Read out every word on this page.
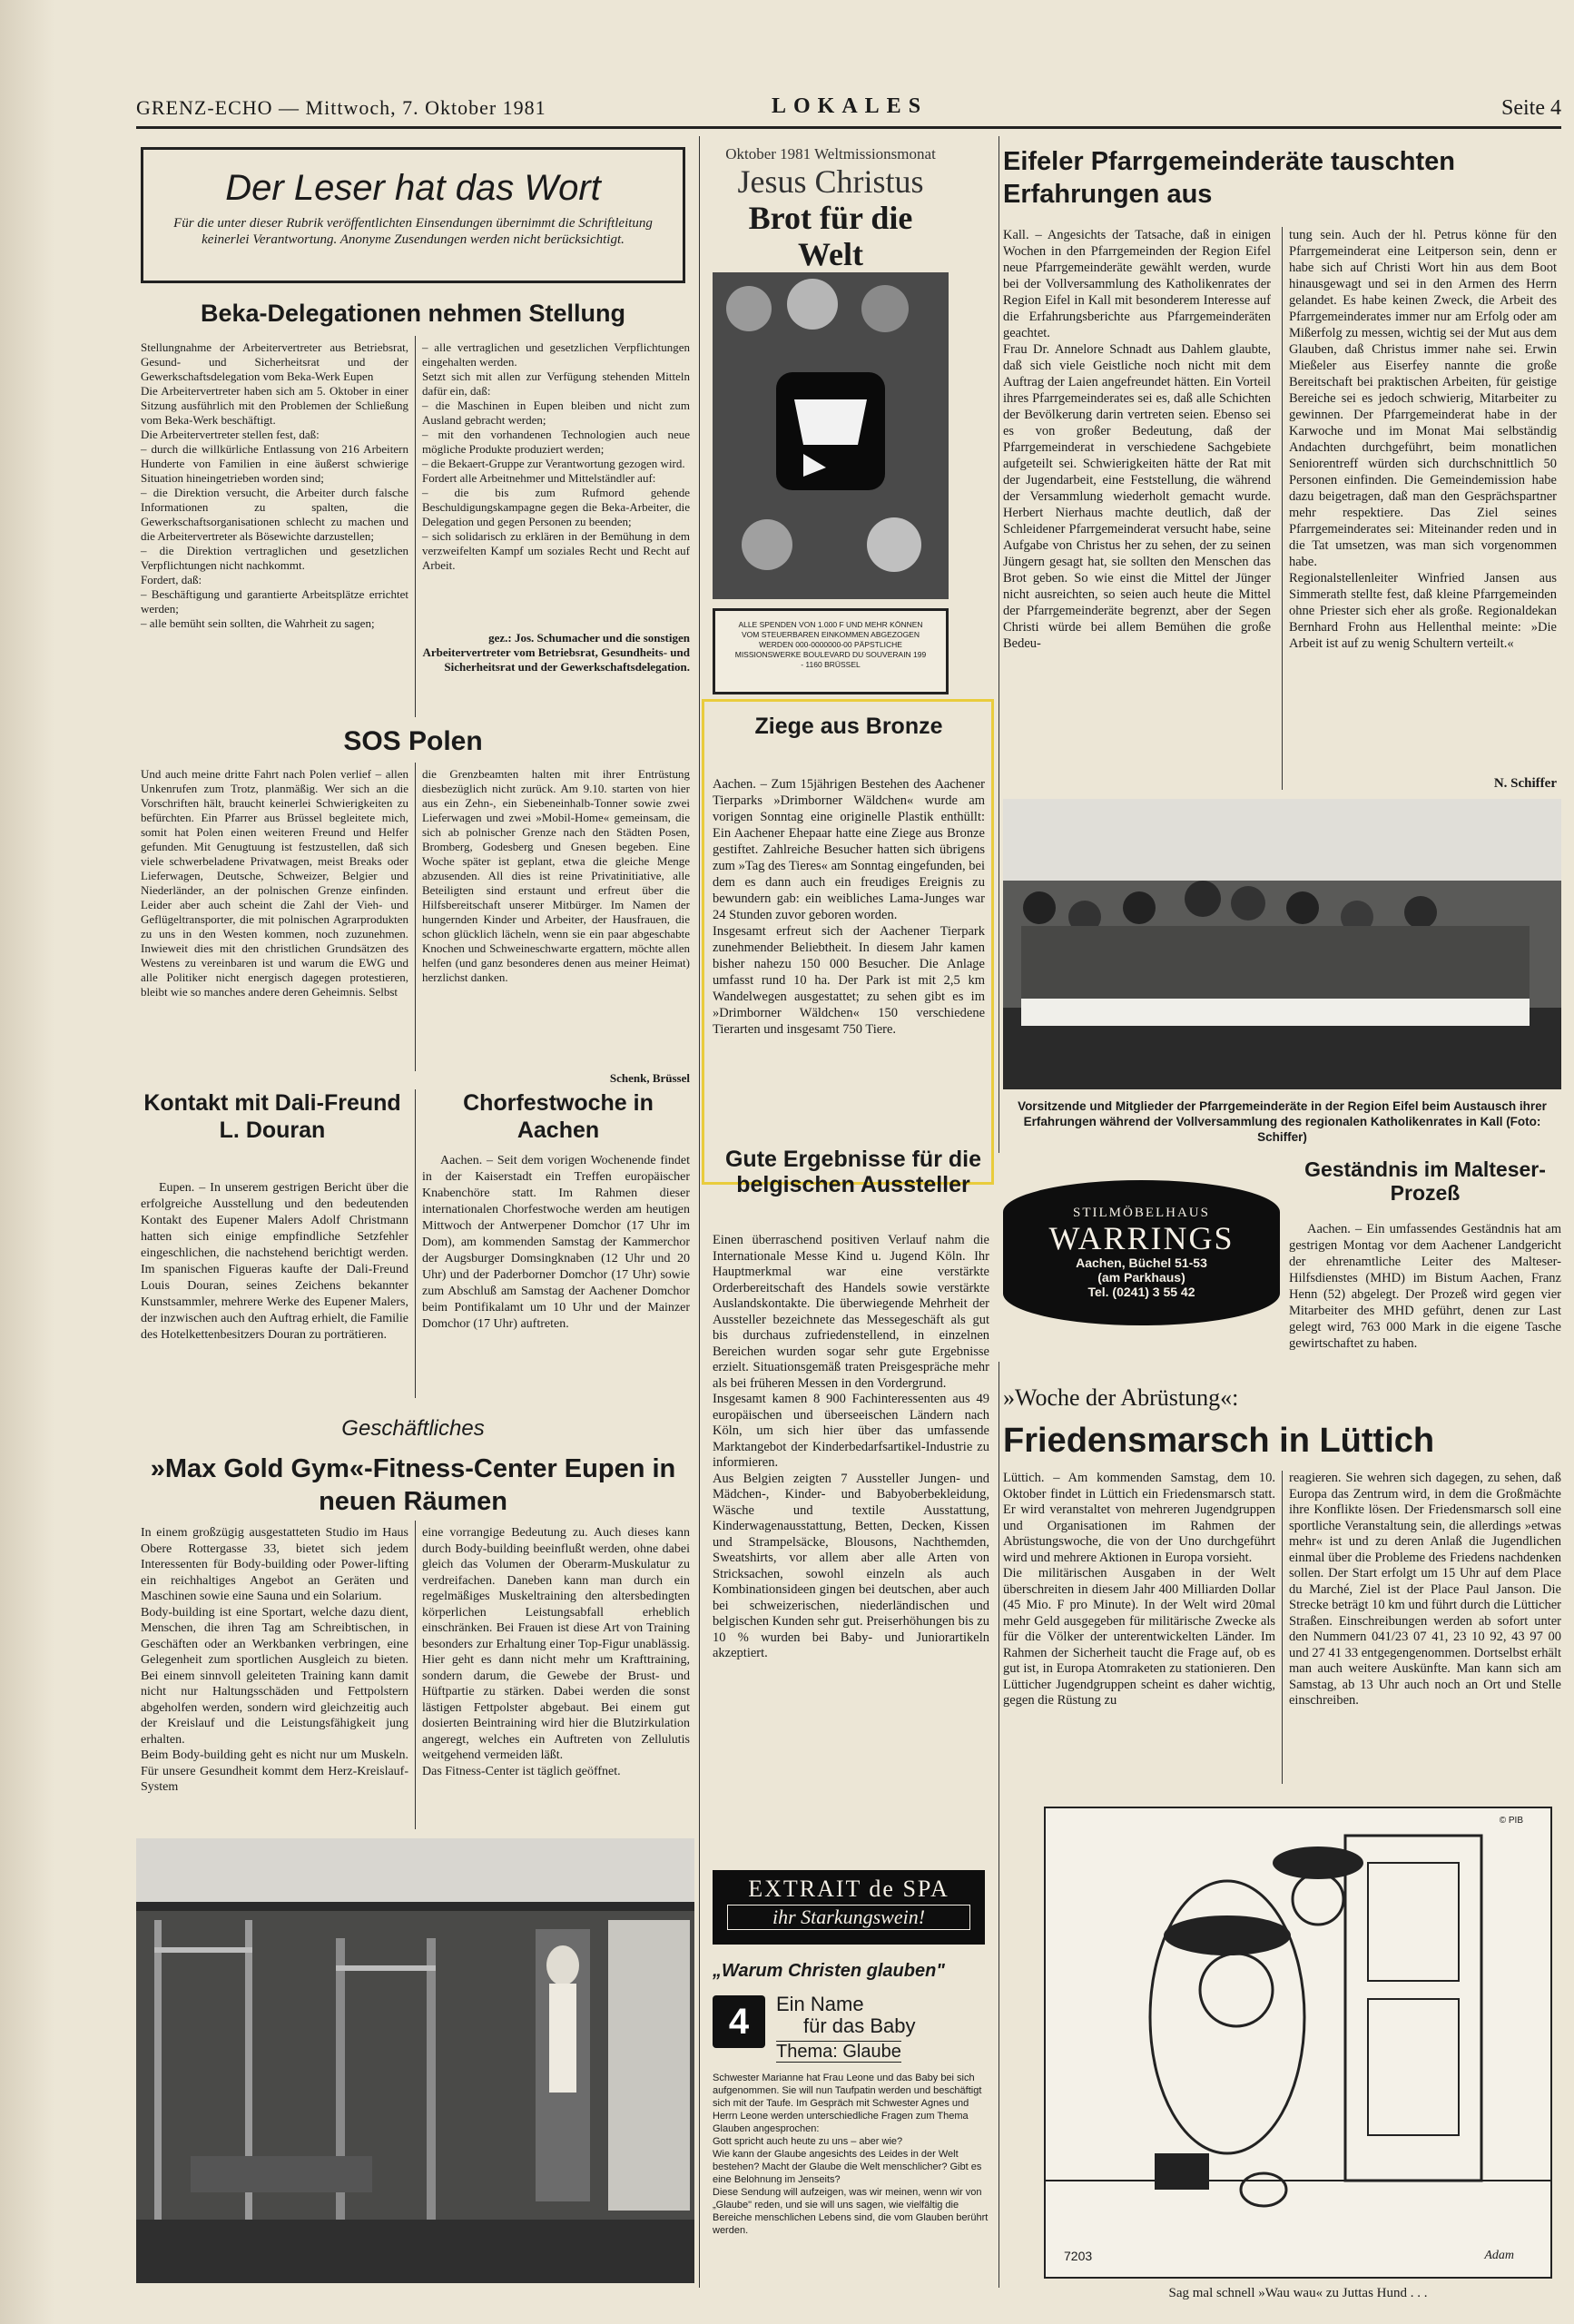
GRENZ-ECHO — Mittwoch, 7. Oktober 1981	LOKALES	Seite 4
Der Leser hat das Wort
Für die unter dieser Rubrik veröffentlichten Einsendungen übernimmt die Schriftleitung keinerlei Verantwortung. Anonyme Zusendungen werden nicht berücksichtigt.
Beka-Delegationen nehmen Stellung
Stellungnahme der Arbeitervertreter aus Betriebsrat, Gesund- und Sicherheitsrat und der Gewerkschaftsdelegation vom Beka-Werk Eupen
Die Arbeitervertreter haben sich am 5. Oktober in einer Sitzung ausführlich mit den Problemen der Schließung vom Beka-Werk beschäftigt.
Die Arbeitervertreter stellen fest, daß:
– durch die willkürliche Entlassung von 216 Arbeitern Hunderte von Familien in eine äußerst schwierige Situation hineingetrieben worden sind;
– die Direktion versucht, die Arbeiter durch falsche Informationen zu spalten, die Gewerkschaftsorganisationen schlecht zu machen und die Arbeitervertreter als Bösewichte darzustellen;
– die Direktion vertraglichen und gesetzlichen Verpflichtungen nicht nachkommt.
Fordert, daß:
– Beschäftigung und garantierte Arbeitsplätze errichtet werden;
– alle bemüht sein sollten, die Wahrheit zu sagen;
– alle vertraglichen und gesetzlichen Verpflichtungen eingehalten werden.
Setzt sich mit allen zur Verfügung stehenden Mitteln dafür ein, daß:
– die Maschinen in Eupen bleiben und nicht zum Ausland gebracht werden;
– mit den vorhandenen Technologien auch neue mögliche Produkte produziert werden;
– die Bekaert-Gruppe zur Verantwortung gezogen wird.
Fordert alle Arbeitnehmer und Mittelständler auf:
– die bis zum Rufmord gehende Beschuldigungskampagne gegen die Beka-Arbeiter, die Delegation und gegen Personen zu beenden;
– sich solidarisch zu erklären in der Bemühung in dem verzweifelten Kampf um soziales Recht und Recht auf Arbeit.
gez.: Jos. Schumacher und die sonstigen Arbeitervertreter vom Betriebsrat, Gesundheits- und Sicherheitsrat und der Gewerkschaftsdelegation.
SOS Polen
Und auch meine dritte Fahrt nach Polen verlief – allen Unkenrufen zum Trotz, planmäßig. Wer sich an die Vorschriften hält, braucht keinerlei Schwierigkeiten zu befürchten. Ein Pfarrer aus Brüssel begleitete mich, somit hat Polen einen weiteren Freund und Helfer gefunden. Mit Genugtuung ist festzustellen, daß sich viele schwerbeladene Privatwagen, meist Breaks oder Lieferwagen, Deutsche, Schweizer, Belgier und Niederländer, an der polnischen Grenze einfinden. Leider aber auch scheint die Zahl der Vieh- und Geflügeltransporter, die mit polnischen Agrarprodukten zu uns in den Westen kommen, noch zuzunehmen. Inwieweit dies mit den christlichen Grundsätzen des Westens zu vereinbaren ist und warum die EWG und alle Politiker nicht energisch dagegen protestieren, bleibt wie so manches andere deren Geheimnis. Selbst
die Grenzbeamten halten mit ihrer Entrüstung diesbezüglich nicht zurück. Am 9.10. starten von hier aus ein Zehn-, ein Siebeneinhalb-Tonner sowie zwei Lieferwagen und zwei »Mobil-Home« gemeinsam, die sich ab polnischer Grenze nach den Städten Posen, Bromberg, Godesberg und Gnesen begeben. Eine Woche später ist geplant, etwa die gleiche Menge abzusenden. All dies ist reine Privatinitiative, alle Beteiligten sind erstaunt und erfreut über die Hilfsbereitschaft unserer Mitbürger. Im Namen der hungernden Kinder und Arbeiter, der Hausfrauen, die schon glücklich lächeln, wenn sie ein paar abgeschabte Knochen und Schweineschwarte ergattern, möchte allen helfen (und ganz besonderes denen aus meiner Heimat) herzlichst danken.
Schenk, Brüssel
Kontakt mit Dali-Freund L. Douran
Eupen. – In unserem gestrigen Bericht über die erfolgreiche Ausstellung und den bedeutenden Kontakt des Eupener Malers Adolf Christmann hatten sich einige empfindliche Setzfehler eingeschlichen, die nachstehend berichtigt werden. Im spanischen Figueras kaufte der Dali-Freund Louis Douran, seines Zeichens bekannter Kunstsammler, mehrere Werke des Eupener Malers, der inzwischen auch den Auftrag erhielt, die Familie des Hotelkettenbesitzers Douran zu porträtieren.
Chorfestwoche in Aachen
Aachen. – Seit dem vorigen Wochenende findet in der Kaiserstadt ein Treffen europäischer Knabenchöre statt. Im Rahmen dieser internationalen Chorfestwoche werden am heutigen Mittwoch der Antwerpener Domchor (17 Uhr im Dom), am kommenden Samstag der Kammerchor der Augsburger Domsingknaben (12 Uhr und 20 Uhr) und der Paderborner Domchor (17 Uhr) sowie zum Abschluß am Samstag der Aachener Domchor beim Pontifikalamt um 10 Uhr und der Mainzer Domchor (17 Uhr) auftreten.
Geschäftliches
»Max Gold Gym«-Fitness-Center Eupen in neuen Räumen
In einem großzügig ausgestatteten Studio im Haus Obere Rottergasse 33, bietet sich jedem Interessenten für Body-building oder Power-lifting ein reichhaltiges Angebot an Geräten und Maschinen sowie eine Sauna und ein Solarium.
Body-building ist eine Sportart, welche dazu dient, Menschen, die ihren Tag am Schreibtischen, in Geschäften oder an Werkbanken verbringen, eine Gelegenheit zum sportlichen Ausgleich zu bieten. Bei einem sinnvoll geleiteten Training kann damit nicht nur Haltungsschäden und Fettpolstern abgeholfen werden, sondern wird gleichzeitig auch der Kreislauf und die Leistungsfähigkeit jung erhalten.
Beim Body-building geht es nicht nur um Muskeln. Für unsere Gesundheit kommt dem Herz-Kreislauf-System
eine vorrangige Bedeutung zu. Auch dieses kann durch Body-building beeinflußt werden, ohne dabei gleich das Volumen der Oberarm-Muskulatur zu verdreifachen. Daneben kann man durch ein regelmäßiges Muskeltraining den altersbedingten körperlichen Leistungsabfall erheblich einschränken. Bei Frauen ist diese Art von Training besonders zur Erhaltung einer Top-Figur unablässig. Hier geht es dann nicht mehr um Krafttraining, sondern darum, die Gewebe der Brust- und Hüftpartie zu stärken. Dabei werden die sonst lästigen Fettpolster abgebaut. Bei einem gut dosierten Beintraining wird hier die Blutzirkulation angeregt, welches ein Auftreten von Zellulutis weitgehend vermeiden läßt.
Das Fitness-Center ist täglich geöffnet.
Oktober 1981 Weltmissionsmonat
Jesus Christus
Brot für die Welt
ALLE SPENDEN VON 1.000 F UND MEHR KÖNNEN VOM STEUERBAREN EINKOMMEN ABGEZOGEN WERDEN 000-0000000-00 PÄPSTLICHE MISSIONSWERKE BOULEVARD DU SOUVERAIN 199 - 1160 BRÜSSEL
Ziege aus Bronze
Aachen. – Zum 15jährigen Bestehen des Aachener Tierparks »Drimborner Wäldchen« wurde am vorigen Sonntag eine originelle Plastik enthüllt: Ein Aachener Ehepaar hatte eine Ziege aus Bronze gestiftet. Zahlreiche Besucher hatten sich übrigens zum »Tag des Tieres« am Sonntag eingefunden, bei dem es dann auch ein freudiges Ereignis zu bewundern gab: ein weibliches Lama-Junges war 24 Stunden zuvor geboren worden.
Insgesamt erfreut sich der Aachener Tierpark zunehmender Beliebtheit. In diesem Jahr kamen bisher nahezu 150 000 Besucher. Die Anlage umfasst rund 10 ha. Der Park ist mit 2,5 km Wandelwegen ausgestattet; zu sehen gibt es im »Drimborner Wäldchen« 150 verschiedene Tierarten und insgesamt 750 Tiere.
Gute Ergebnisse für die belgischen Aussteller
Einen überraschend positiven Verlauf nahm die Internationale Messe Kind u. Jugend Köln. Ihr Hauptmerkmal war eine verstärkte Orderbereitschaft des Handels sowie verstärkte Auslandskontakte. Die überwiegende Mehrheit der Aussteller bezeichnete das Messegeschäft als gut bis durchaus zufriedenstellend, in einzelnen Bereichen wurden sogar sehr gute Ergebnisse erzielt. Situationsgemäß traten Preisgespräche mehr als bei früheren Messen in den Vordergrund.
Insgesamt kamen 8 900 Fachinteressenten aus 49 europäischen und überseeischen Ländern nach Köln, um sich hier über das umfassende Marktangebot der Kinderbedarfsartikel-Industrie zu informieren.
Aus Belgien zeigten 7 Aussteller Jungen- und Mädchen-, Kinder- und Babyoberbekleidung, Wäsche und textile Ausstattung, Kinderwagenausstattung, Betten, Decken, Kissen und Strampelsäcke, Blousons, Nachthemden, Sweatshirts, vor allem aber alle Arten von Stricksachen, sowohl einzeln als auch Kombinationsideen gingen bei deutschen, aber auch bei schweizerischen, niederländischen und belgischen Kunden sehr gut. Preiserhöhungen bis zu 10 % wurden bei Baby- und Juniorartikeln akzeptiert.
EXTRAIT de SPA
ihr Starkungswein!
„Warum Christen glauben"
4	Ein Name
für das Baby
Thema: Glaube
Schwester Marianne hat Frau Leone und das Baby bei sich aufgenommen. Sie will nun Taufpatin werden und beschäftigt sich mit der Taufe. Im Gespräch mit Schwester Agnes und Herrn Leone werden unterschiedliche Fragen zum Thema Glauben angesprochen:
Gott spricht auch heute zu uns – aber wie?
Wie kann der Glaube angesichts des Leides in der Welt bestehen? Macht der Glaube die Welt menschlicher? Gibt es eine Belohnung im Jenseits?
Diese Sendung will aufzeigen, was wir meinen, wenn wir von „Glaube" reden, und sie will uns sagen, wie vielfältig die Bereiche menschlichen Lebens sind, die vom Glauben berührt werden.
Eifeler Pfarrgemeinderäte tauschten Erfahrungen aus
Kall. – Angesichts der Tatsache, daß in einigen Wochen in den Pfarrgemeinden der Region Eifel neue Pfarrgemeinderäte gewählt werden, wurde bei der Vollversammlung des Katholikenrates der Region Eifel in Kall mit besonderem Interesse auf die Erfahrungsberichte aus Pfarrgemeinderäten geachtet.
Frau Dr. Annelore Schnadt aus Dahlem glaubte, daß sich viele Geistliche noch nicht mit dem Auftrag der Laien angefreundet hätten. Ein Vorteil ihres Pfarrgemeinderates sei es, daß alle Schichten der Bevölkerung darin vertreten seien. Ebenso sei es von großer Bedeutung, daß der Pfarrgemeinderat in verschiedene Sachgebiete aufgeteilt sei. Schwierigkeiten hätte der Rat mit der Jugendarbeit, eine Feststellung, die während der Versammlung wiederholt gemacht wurde. Herbert Nierhaus machte deutlich, daß der Schleidener Pfarrgemeinderat versucht habe, seine Aufgabe von Christus her zu sehen, der zu seinen Jüngern gesagt hat, sie sollten den Menschen das Brot geben. So wie einst die Mittel der Jünger nicht ausreichten, so seien auch heute die Mittel der Pfarrgemeinderäte begrenzt, aber der Segen Christi würde bei allem Bemühen die große Bedeu-
tung sein. Auch der hl. Petrus könne für den Pfarrgemeinderat eine Leitperson sein, denn er habe sich auf Christi Wort hin aus dem Boot hinausgewagt und sei in den Armen des Herrn gelandet. Es habe keinen Zweck, die Arbeit des Pfarrgemeinderates immer nur am Erfolg oder am Mißerfolg zu messen, wichtig sei der Mut aus dem Glauben, daß Christus immer nahe sei. Erwin Mießeler aus Eiserfey nannte die große Bereitschaft bei praktischen Arbeiten, für geistige Bereiche sei es jedoch schwierig, Mitarbeiter zu gewinnen. Der Pfarrgemeinderat habe in der Karwoche und im Monat Mai selbständig Andachten durchgeführt, beim monatlichen Seniorentreff würden sich durchschnittlich 50 Personen einfinden. Die Gemeindemission habe dazu beigetragen, daß man den Gesprächspartner mehr respektiere. Das Ziel seines Pfarrgemeinderates sei: Miteinander reden und in die Tat umsetzen, was man sich vorgenommen habe.
Regionalstellenleiter Winfried Jansen aus Simmerath stellte fest, daß kleine Pfarrgemeinden ohne Priester sich eher als große. Regionaldekan Bernhard Frohn aus Hellenthal meinte: »Die Arbeit ist auf zu wenig Schultern verteilt.«
N. Schiffer
Vorsitzende und Mitglieder der Pfarrgemeinderäte in der Region Eifel beim Austausch ihrer Erfahrungen während der Vollversammlung des regionalen Katholikenrates in Kall (Foto: Schiffer)
STILMÖBELHAUS
WARRINGS
Aachen, Büchel 51-53
(am Parkhaus)
Tel. (0241) 3 55 42
Geständnis im Malteser-Prozeß
Aachen. – Ein umfassendes Geständnis hat am gestrigen Montag vor dem Aachener Landgericht der ehrenamtliche Leiter des Malteser-Hilfsdienstes (MHD) im Bistum Aachen, Franz Henn (52) abgelegt. Der Prozeß wird gegen vier Mitarbeiter des MHD geführt, denen zur Last gelegt wird, 763 000 Mark in die eigene Tasche gewirtschaftet zu haben.
»Woche der Abrüstung«:
Friedensmarsch in Lüttich
Lüttich. – Am kommenden Samstag, dem 10. Oktober findet in Lüttich ein Friedensmarsch statt. Er wird veranstaltet von mehreren Jugendgruppen und Organisationen im Rahmen der Abrüstungswoche, die von der Uno durchgeführt wird und mehrere Aktionen in Europa vorsieht.
Die militärischen Ausgaben in der Welt überschreiten in diesem Jahr 400 Milliarden Dollar (45 Mio. F pro Minute). In der Welt wird 20mal mehr Geld ausgegeben für militärische Zwecke als für die Völker der unterentwickelten Länder. Im Rahmen der Sicherheit taucht die Frage auf, ob es gut ist, in Europa Atomraketen zu stationieren. Den Lütticher Jugendgruppen scheint es daher wichtig, gegen die Rüstung zu
reagieren. Sie wehren sich dagegen, zu sehen, daß Europa das Zentrum wird, in dem die Großmächte ihre Konflikte lösen. Der Friedensmarsch soll eine sportliche Veranstaltung sein, die allerdings »etwas mehr« ist und zu deren Anlaß die Jugendlichen einmal über die Probleme des Friedens nachdenken sollen. Der Start erfolgt um 15 Uhr auf dem Place du Marché, Ziel ist der Place Paul Janson. Die Strecke beträgt 10 km und führt durch die Lütticher Straßen. Einschreibungen werden ab sofort unter den Nummern 041/23 07 41, 23 10 92, 43 97 00 und 27 41 33 entgegengenommen. Dortselbst erhält man auch weitere Auskünfte. Man kann sich am Samstag, ab 13 Uhr auch noch an Ort und Stelle einschreiben.
7203
© PIB
Adam
Sag mal schnell »Wau wau« zu Juttas Hund . . .
